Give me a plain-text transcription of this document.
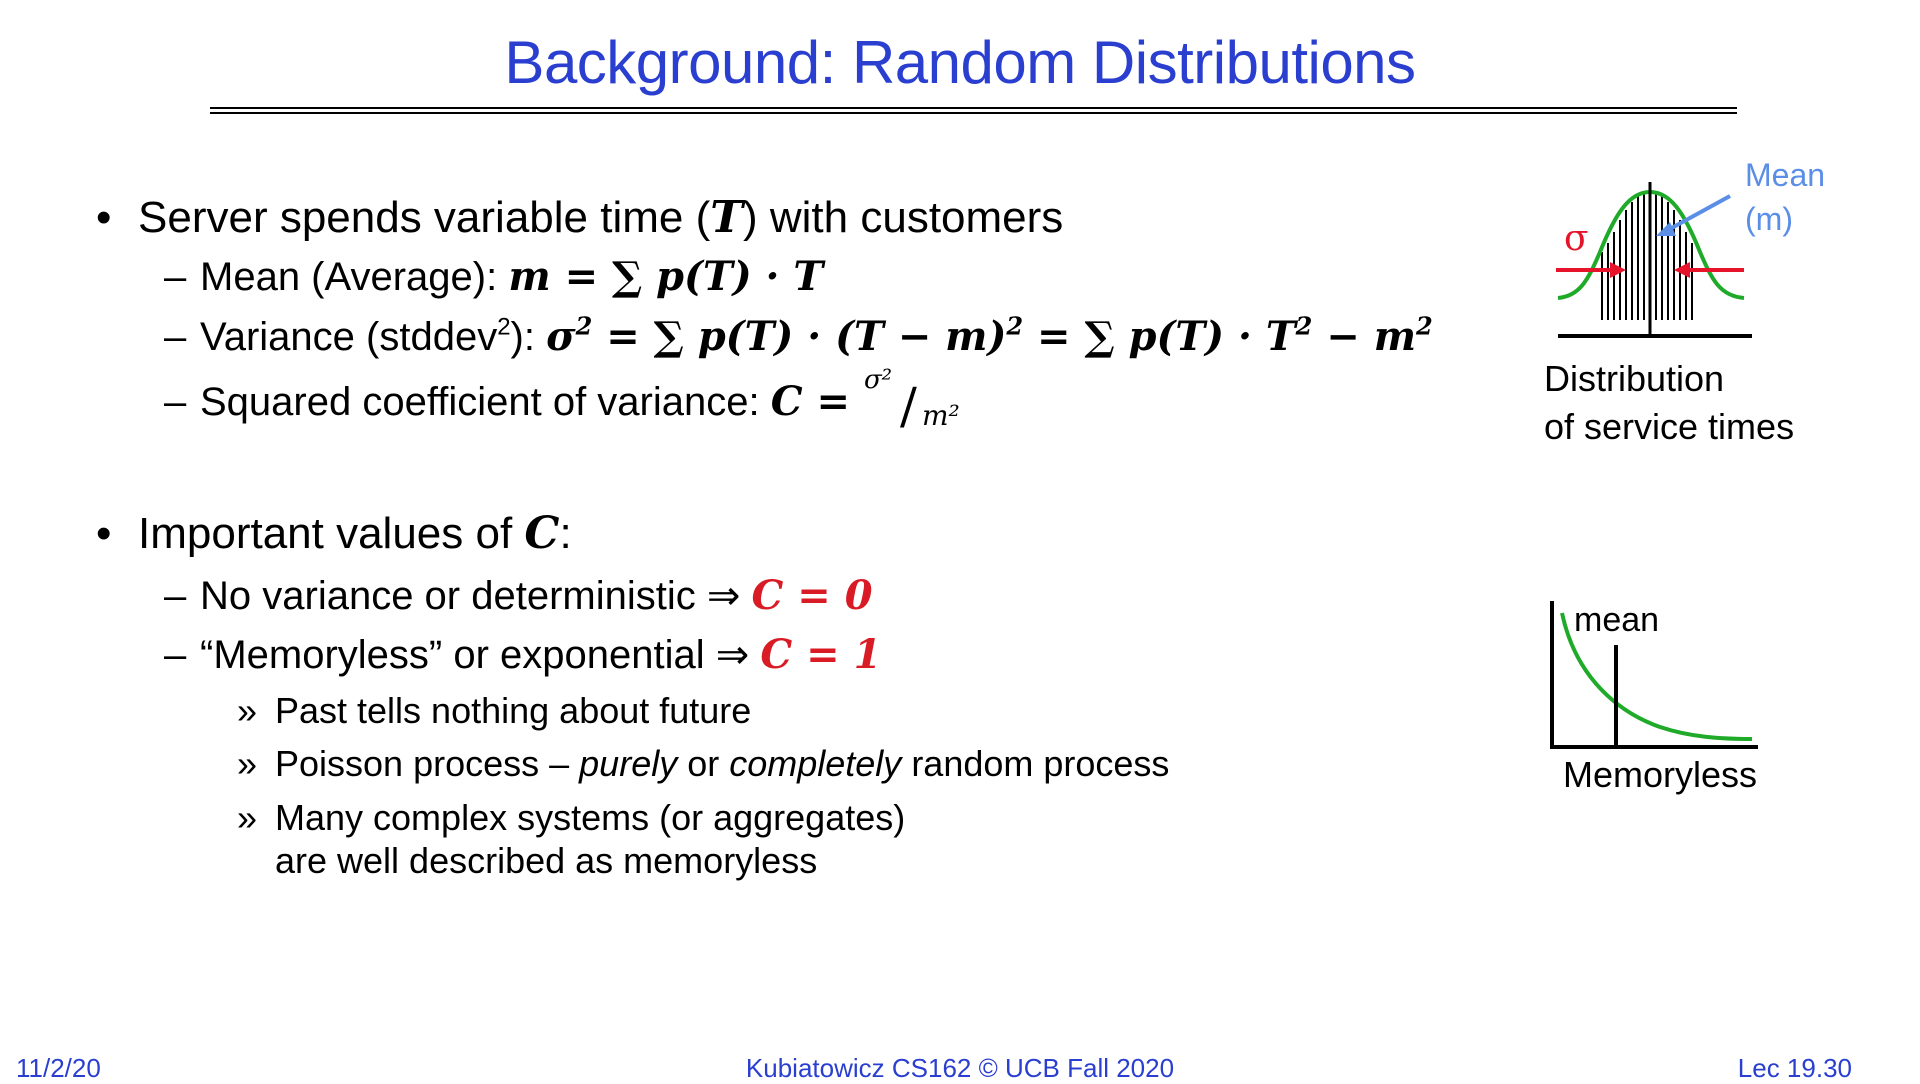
Background: Random Distributions
• Server spends variable time (T) with customers
– Mean (Average): m = ∑ p(T) · T
– Variance (stddev$^2$): $\sigma^2$ = ∑ $p(T) \cdot (T - m)^2$ = ∑ $p(T) \cdot T^2 - m^2$
– Squared coefficient of variance: C = σ² / m²
• Important values of C:
– No variance or deterministic ⇒ C = 0
– “Memoryless” or exponential ⇒ C = 1
» Past tells nothing about future
» Poisson process – purely or completely random process
» Many complex systems (or aggregates)
are well described as memoryless
σ
Mean
(m)
Distribution
of service times
mean
Memoryless
11/2/20	Kubiatowicz CS162 © UCB Fall 2020	Lec 19.30
